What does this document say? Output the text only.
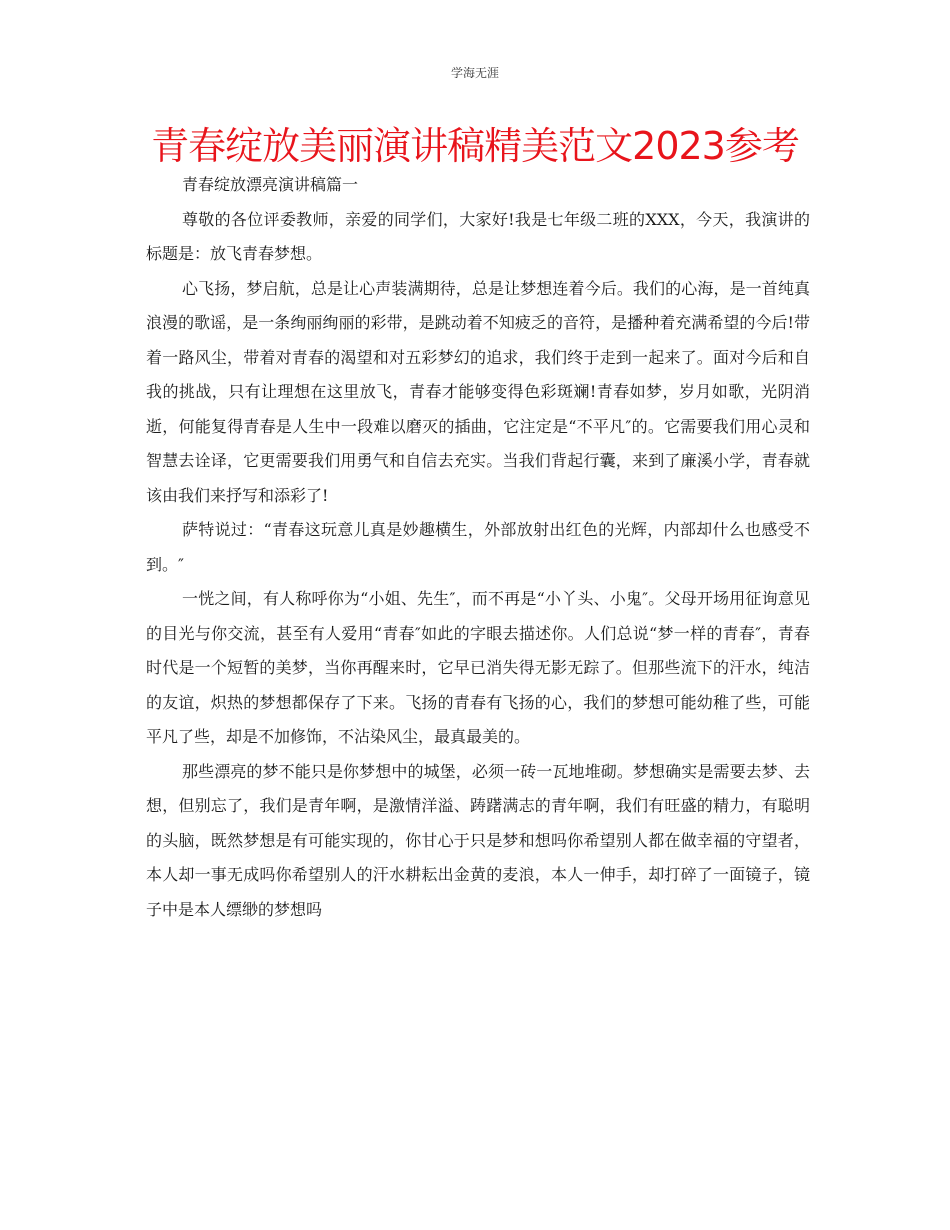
学海无涯
青春绽放美丽演讲稿精美范文2023参考

青春绽放漂亮演讲稿篇一

尊敬的各位评委教师，亲爱的同学们，大家好!我是七年级二班的XXX，今天，我演讲的标题是：放飞青春梦想。

心飞扬，梦启航，总是让心声装满期待，总是让梦想连着今后。我们的心海，是一首纯真浪漫的歌谣，是一条绚丽绚丽的彩带，是跳动着不知疲乏的音符，是播种着充满希望的今后!带着一路风尘，带着对青春的渴望和对五彩梦幻的追求，我们终于走到一起来了。面对今后和自我的挑战，只有让理想在这里放飞，青春才能够变得色彩斑斓!青春如梦，岁月如歌，光阴消逝，何能复得青春是人生中一段难以磨灭的插曲，它注定是“不平凡″的。它需要我们用心灵和智慧去诠译，它更需要我们用勇气和自信去充实。当我们背起行囊，来到了廉溪小学，青春就该由我们来抒写和添彩了!

萨特说过：“青春这玩意儿真是妙趣横生，外部放射出红色的光辉，内部却什么也感受不到。″

一恍之间，有人称呼你为“小姐、先生″，而不再是“小丫头、小鬼″。父母开场用征询意见的目光与你交流，甚至有人爱用“青春″如此的字眼去描述你。人们总说“梦一样的青春″，青春时代是一个短暂的美梦，当你再醒来时，它早已消失得无影无踪了。但那些流下的汗水，纯洁的友谊，炽热的梦想都保存了下来。飞扬的青春有飞扬的心，我们的梦想可能幼稚了些，可能平凡了些，却是不加修饰，不沾染风尘，最真最美的。

那些漂亮的梦不能只是你梦想中的城堡，必须一砖一瓦地堆砌。梦想确实是需要去梦、去想，但别忘了，我们是青年啊，是激情洋溢、踌躇满志的青年啊，我们有旺盛的精力，有聪明的头脑，既然梦想是有可能实现的，你甘心于只是梦和想吗你希望别人都在做幸福的守望者，本人却一事无成吗你希望别人的汗水耕耘出金黄的麦浪，本人一伸手，却打碎了一面镜子，镜子中是本人缥缈的梦想吗
